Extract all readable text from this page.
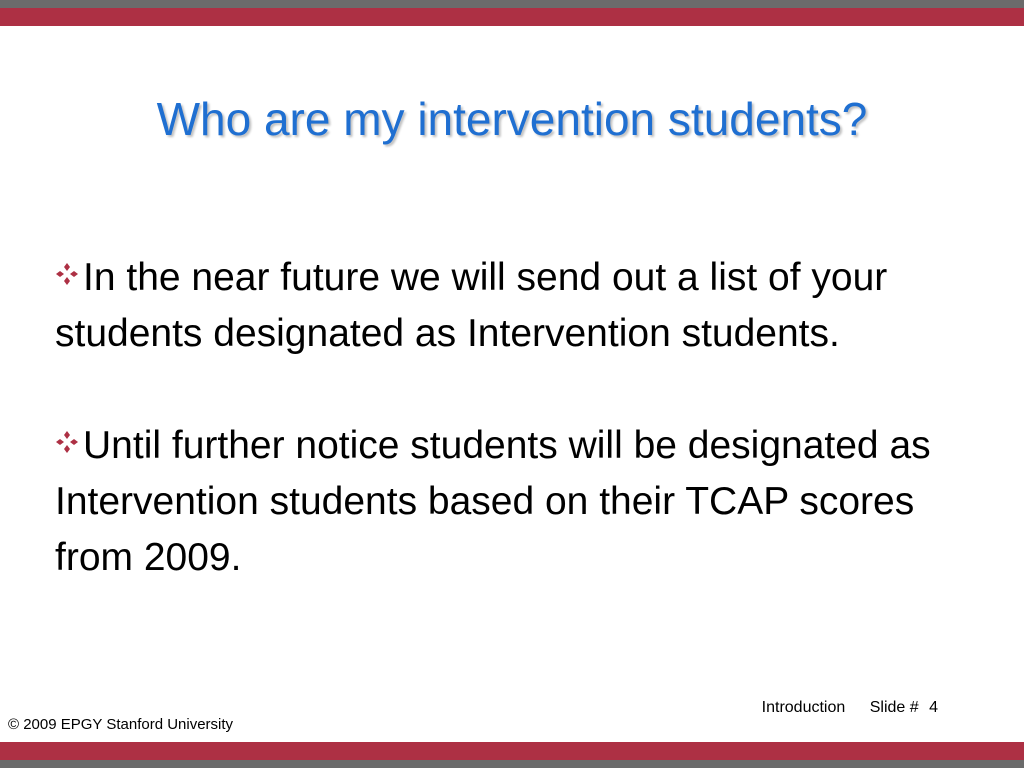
Who are my intervention students?

In the near future we will send out a list of your students designated as Intervention students.

Until further notice students will be designated as Intervention students based on their TCAP scores from 2009.

Introduction Slide # 4
© 2009 EPGY Stanford University
